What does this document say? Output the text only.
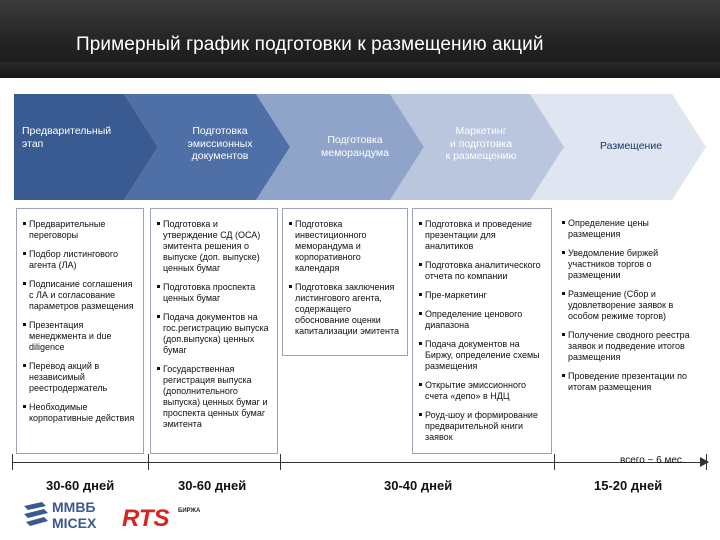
Примерный график подготовки к размещению акций
Предварительный
этап
Подготовка
эмиссионных
документов
Подготовка
меморандума
Маркетинг
и подготовка
к размещению
Размещение
Предварительные переговоры
Подбор листингового агента (ЛА)
Подписание соглашения с ЛА и согласование параметров размещения
Презентация менеджмента и due diligence
Перевод акций в независимый реестродержатель
Необходимые корпоративные действия
Подготовка и утверждение СД (ОСА) эмитента решения о выпуске (доп. выпуске) ценных бумаг
Подготовка проспекта ценных бумаг
Подача документов на гос.регистрацию выпуска (доп.выпуска) ценных бумаг
Государственная регистрация выпуска (дополнительного выпуска) ценных бумаг и проспекта ценных бумаг эмитента
Подготовка инвестиционного меморандума и корпоративного календаря
Подготовка заключения листингового агента, содержащего обоснование оценки капитализации эмитента
Подготовка и проведение презентации для аналитиков
Подготовка аналитического отчета по компании
Пре-маркетинг
Определение ценового диапазона
Подача документов на Биржу, определение схемы размещения
Открытие эмиссионного счета «депо» в НДЦ
Роуд-шоу и формирование предварительной книги заявок
Определение цены размещения
Уведомление биржей участников торгов о размещении
Размещение (Сбор и удовлетворение заявок в особом режиме торгов)
Получение сводного реестра заявок и подведение итогов размещения
Проведение презентации по итогам размещения
всего ~ 6 мес.
30-60 дней	30-60 дней	30-40 дней	15-20 дней
ММВБ
MICEX RTS БИРЖА
